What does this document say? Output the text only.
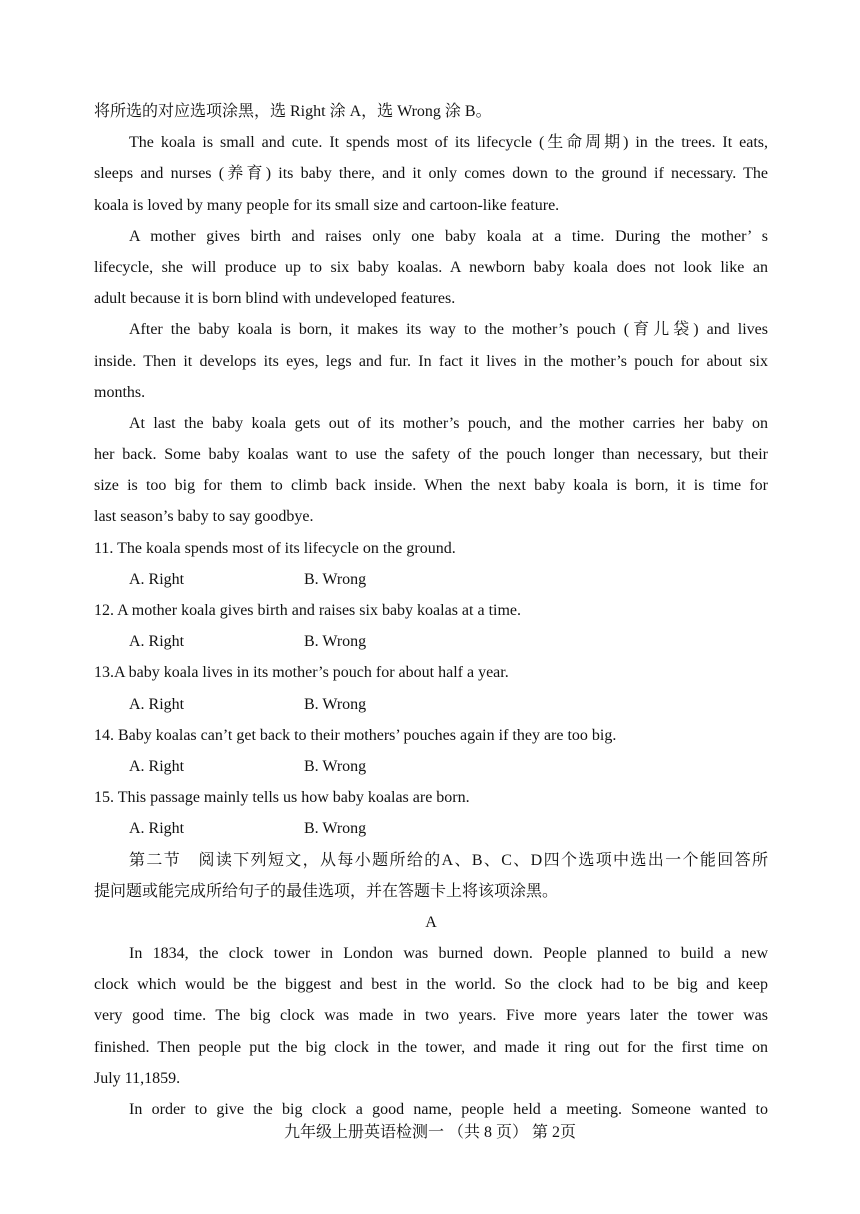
将所选的对应选项涂黑，选 Right 涂 A，选 Wrong 涂 B。
The koala is small and cute. It spends most of its lifecycle (生命周期) in the trees. It eats,
sleeps and nurses (养育) its baby there, and it only comes down to the ground if necessary. The
koala is loved by many people for its small size and cartoon-like feature.
A mother gives birth and raises only one baby koala at a time. During the mother’ s
lifecycle, she will produce up to six baby koalas. A newborn baby koala does not look like an
adult because it is born blind with undeveloped features.
After the baby koala is born, it makes its way to the mother’s pouch (育儿袋) and lives
inside. Then it develops its eyes, legs and fur. In fact it lives in the mother’s pouch for about six
months.
At last the baby koala gets out of its mother’s pouch, and the mother carries her baby on
her back. Some baby koalas want to use the safety of the pouch longer than necessary, but their
size is too big for them to climb back inside. When the next baby koala is born, it is time for
last season’s baby to say goodbye.
11. The koala spends most of its lifecycle on the ground.
A. Right	B. Wrong
12. A mother koala gives birth and raises six baby koalas at a time.
A. Right	B. Wrong
13.A baby koala lives in its mother’s pouch for about half a year.
A. Right	B. Wrong
14. Baby koalas can’t get back to their mothers’ pouches again if they are too big.
A. Right	B. Wrong
15. This passage mainly tells us how baby koalas are born.
A. Right	B. Wrong
第二节　阅读下列短文，从每小题所给的A、B、C、D四个选项中选出一个能回答所
提问题或能完成所给句子的最佳选项，并在答题卡上将该项涂黑。
A
In 1834, the clock tower in London was burned down. People planned to build a new
clock which would be the biggest and best in the world. So the clock had to be big and keep
very good time. The big clock was made in two years. Five more years later the tower was
finished. Then people put the big clock in the tower, and made it ring out for the first time on
July 11,1859.
In order to give the big clock a good name, people held a meeting. Someone wanted to
九年级上册英语检测一 （共 8 页） 第 2页
